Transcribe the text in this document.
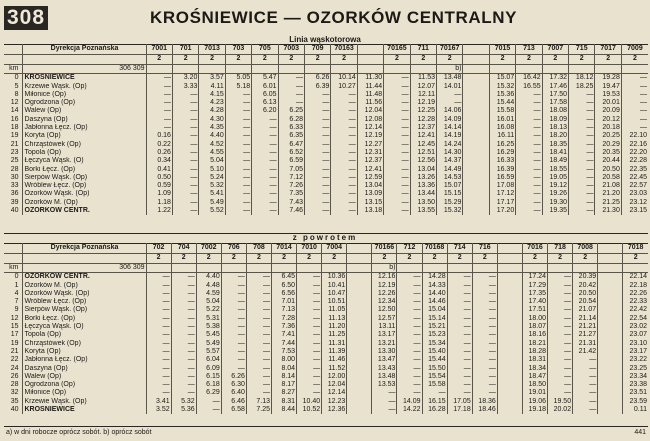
308	KROŚNIEWICE — OZORKÓW CENTRALNY
Linia wąskotorowa
	Dyrekcja Poznańska	7001	701	7013	703	705	7003	709	70163		70165	711	70167		7015	713	7007	715	7017	7009
		2	2	2	2	2	2	2	2		2	2	2		2	2	2	2	2	2
km	306 309												b)							
0	KROŚNIEWICE	—	3.20	3.57	5.05	5.47	—	6.26	10.14	11.30	—	11.53	13.48		15.07	16.42	17.32	18.12	19.28	—
5	Krzewie Wąsk. (Op)	—	3.33	4.11	5.18	6.01	—	6.39	10.27	11.44	—	12.07	14.01		15.32	16.55	17.46	18.25	19.47	—
8	Miłonice (Op)	—	—	4.15	—	6.05	—	—	—	11.48	—	12.11	—		15.36	—	17.50	—	19.53	—
12	Ogrodzona (Op)	—	—	4.23	—	6.13	—	—	—	11.56	—	12.19	—		15.44	—	17.58	—	20.01	—
14	Walew (Op)	—	—	4.28	—	6.20	6.25	—	—	12.04	—	12.25	14.06		15.58	—	18.08	—	20.09	—
16	Daszyna (Op)	—	—	4.30	—	—	6.28	—	—	12.08	—	12.28	14.09		16.01	—	18.09	—	20.12	—
18	Jabłonna Łęcz. (Op)	—	—	4.35	—	—	6.33	—	—	12.14	—	12.37	14.14		16.08	—	18.13	—	20.18	—
19	Koryta (Op)	0.16	—	4.40	—	—	6.35	—	—	12.19	—	12.41	14.19		16.11	—	18.20	—	20.25	22.10
21	Chrząstówek (Op)	0.22	—	4.52	—	—	6.47	—	—	12.27	—	12.45	14.24		16.25	—	18.35	—	20.29	22.16
23	Topola (Op)	0.26	—	4.55	—	—	6.52	—	—	12.31	—	12.51	14.30		16.29	—	18.41	—	20.35	22.20
25	Łęczyca Wąsk. (O)	0.34	—	5.04	—	—	6.59	—	—	12.37	—	12.56	14.37		16.33	—	18.49	—	20.44	22.28
28	Borki Łęcz. (Op)	0.41	—	5.10	—	—	7.05	—	—	12.41	—	13.04	14.49		16.39	—	18.55	—	20.50	22.35
30	Sierpów Wąsk. (Op)	0.50	—	5.24	—	—	7.12	—	—	12.59	—	13.26	14.53		16.59	—	19.05	—	20.58	22.45
33	Wróblew Łęcz. (Op)	0.59	—	5.32	—	—	7.26	—	—	13.04	—	13.36	15.07		17.08	—	19.12	—	21.08	22.57
36	Ozorków Wąsk. (Op)	1.09	—	5.41	—	—	7.35	—	—	13.09	—	13.44	15.15		17.12	—	19.26	—	21.20	23.03
39	Ozorków M. (Op)	1.18	—	5.49	—	—	7.43	—	—	13.15	—	13.50	15.29		17.17	—	19.30	—	21.25	23.12
40	OZORKÓW CENTR.	1.22	—	5.52	—	—	7.46	—	—	13.18	—	13.55	15.32		17.20	—	19.35	—	21.30	23.15
z powrotem
	Dyrekcja Poznańska	702	704	7002	706	708	7014	7010	7004		70166	712	70168	714	716		7016	718	7008		7018
		2	2	2	2	2	2	2	2		2	2	2	2	2		2	2	2		2
km	306 309										b)										
0	OZORKÓW CENTR.	—	—	4.40	—	—	6.45	—	10.36		12.16	—	14.28	—	—		17.24	—	20.39		22.14
1	Ozorków M. (Op)	—	—	4.48	—	—	6.50	—	10.41		12.19	—	14.33	—	—		17.29	—	20.42		22.18
4	Ozorków Wąsk. (Op)	—	—	4.59	—	—	6.56	—	10.47		12.26	—	14.40	—	—		17.35	—	20.50		22.26
7	Wróblew Łęcz. (Op)	—	—	5.04	—	—	7.01	—	10.51		12.34	—	14.46	—	—		17.40	—	20.54		22.33
9	Sierpów Wąsk. (Op)	—	—	5.22	—	—	7.13	—	11.05		12.50	—	15.04	—	—		17.51	—	21.07		22.42
12	Borki Łęcz. (Op)	—	—	5.31	—	—	7.28	—	11.13		12.57	—	15.14	—	—		18.00	—	21.14		22.54
15	Łęczyca Wąsk. (O)	—	—	5.38	—	—	7.36	—	11.20		13.11	—	15.21	—	—		18.07	—	21.21		23.02
17	Topola (Op)	—	—	5.45	—	—	7.41	—	11.25		13.17	—	15.23	—	—		18.16	—	21.27		23.07
19	Chrząstówek (Op)	—	—	5.49	—	—	7.44	—	11.31		13.21	—	15.34	—	—		18.21	—	21.31		23.10
21	Koryta (Op)	—	—	5.57	—	—	7.53	—	11.39		13.30	—	15.40	—	—		18.28	—	21.42		23.17
22	Jabłonna Łęcz. (Op)	—	—	6.04	—	—	8.00	—	11.46		13.47	—	15.44	—	—		18.31	—	—		23.22
24	Daszyna (Op)	—	—	6.09	—	—	8.04	—	11.52		13.43	—	15.50	—	—		18.34	—	—		23.25
26	Walew (Op)	—	—	6.15	6.26	—	8.14	—	12.00		13.48	—	15.54	—	—		18.47	—	—		23.34
28	Ogrodzona (Op)	—	—	6.18	6.30	—	8.17	—	12.04		13.53	—	15.58	—	—		18.50	—	—		23.38
32	Miłonice (Op)	—	—	6.29	6.40	—	8.27	—	12.14		—	—	—	—	—		19.01	—	—		23.51
35	Krzewie Wąsk. (Op)	3.41	5.32	—	6.46	7.13	8.31	10.40	12.23		—	14.09	16.15	17.05	18.36		19.06	19.50	—		23.59
40	KROŚNIEWICE	3.52	5.36	—	6.58	7.25	8.44	10.52	12.36		—	14.22	16.28	17.18	18.46		19.18	20.02	—		0.11
a) w dni robocze oprócz sobót. b) oprócz sobót	441
